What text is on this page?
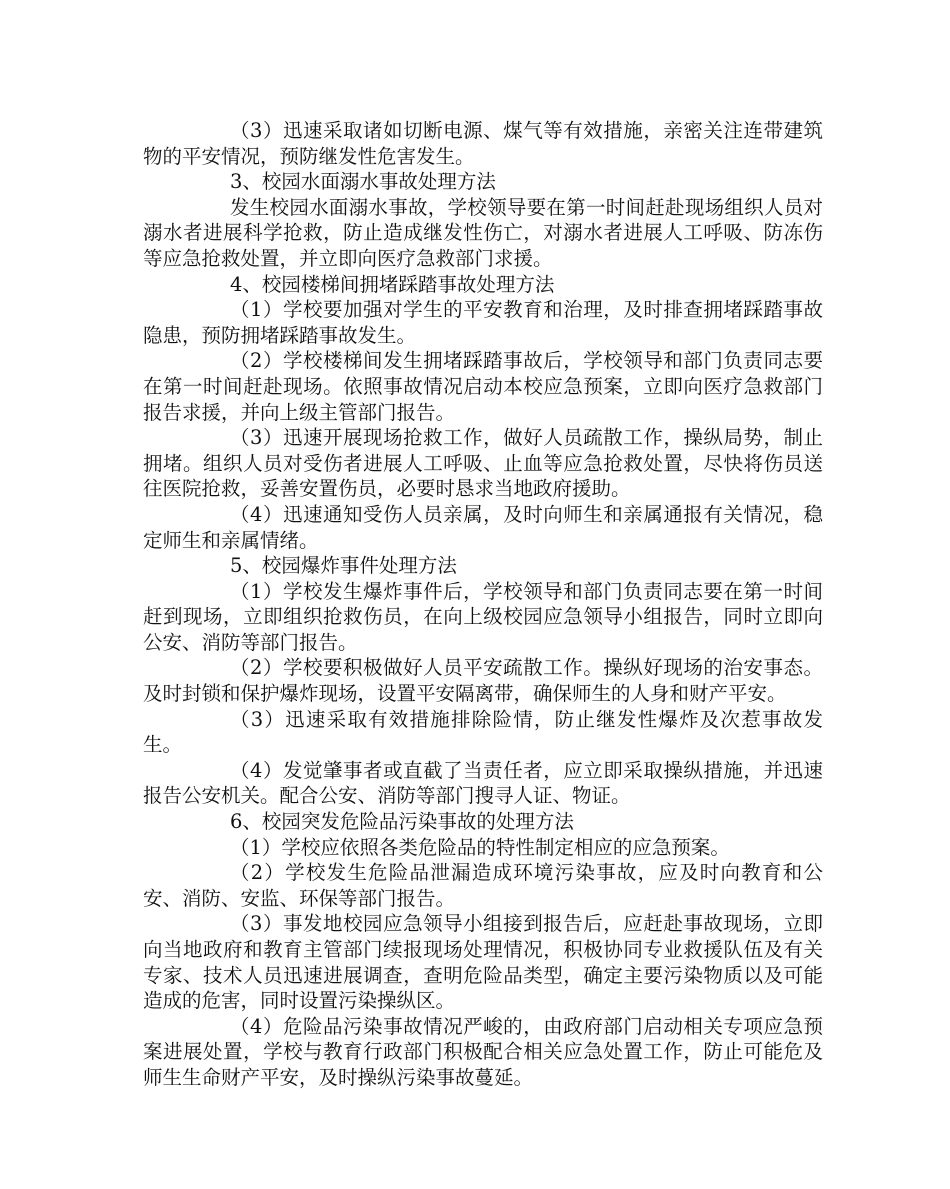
（3）迅速采取诸如切断电源、煤气等有效措施，亲密关注连带建筑物的平安情况，预防继发性危害发生。

3、校园水面溺水事故处理方法

发生校园水面溺水事故，学校领导要在第一时间赶赴现场组织人员对溺水者进展科学抢救，防止造成继发性伤亡，对溺水者进展人工呼吸、防冻伤等应急抢救处置，并立即向医疗急救部门求援。

4、校园楼梯间拥堵踩踏事故处理方法

（1）学校要加强对学生的平安教育和治理，及时排查拥堵踩踏事故隐患，预防拥堵踩踏事故发生。

（2）学校楼梯间发生拥堵踩踏事故后，学校领导和部门负责同志要在第一时间赶赴现场。依照事故情况启动本校应急预案，立即向医疗急救部门报告求援，并向上级主管部门报告。

（3）迅速开展现场抢救工作，做好人员疏散工作，操纵局势，制止拥堵。组织人员对受伤者进展人工呼吸、止血等应急抢救处置，尽快将伤员送往医院抢救，妥善安置伤员，必要时恳求当地政府援助。

（4）迅速通知受伤人员亲属，及时向师生和亲属通报有关情况，稳定师生和亲属情绪。

5、校园爆炸事件处理方法

（1）学校发生爆炸事件后，学校领导和部门负责同志要在第一时间赶到现场，立即组织抢救伤员，在向上级校园应急领导小组报告，同时立即向公安、消防等部门报告。

（2）学校要积极做好人员平安疏散工作。操纵好现场的治安事态。及时封锁和保护爆炸现场，设置平安隔离带，确保师生的人身和财产平安。

（3）迅速采取有效措施排除险情，防止继发性爆炸及次惹事故发生。

（4）发觉肇事者或直截了当责任者，应立即采取操纵措施，并迅速报告公安机关。配合公安、消防等部门搜寻人证、物证。

6、校园突发危险品污染事故的处理方法

（1）学校应依照各类危险品的特性制定相应的应急预案。

（2）学校发生危险品泄漏造成环境污染事故，应及时向教育和公安、消防、安监、环保等部门报告。

（3）事发地校园应急领导小组接到报告后，应赶赴事故现场，立即向当地政府和教育主管部门续报现场处理情况，积极协同专业救援队伍及有关专家、技术人员迅速进展调查，查明危险品类型，确定主要污染物质以及可能造成的危害，同时设置污染操纵区。

（4）危险品污染事故情况严峻的，由政府部门启动相关专项应急预案进展处置，学校与教育行政部门积极配合相关应急处置工作，防止可能危及师生生命财产平安，及时操纵污染事故蔓延。
